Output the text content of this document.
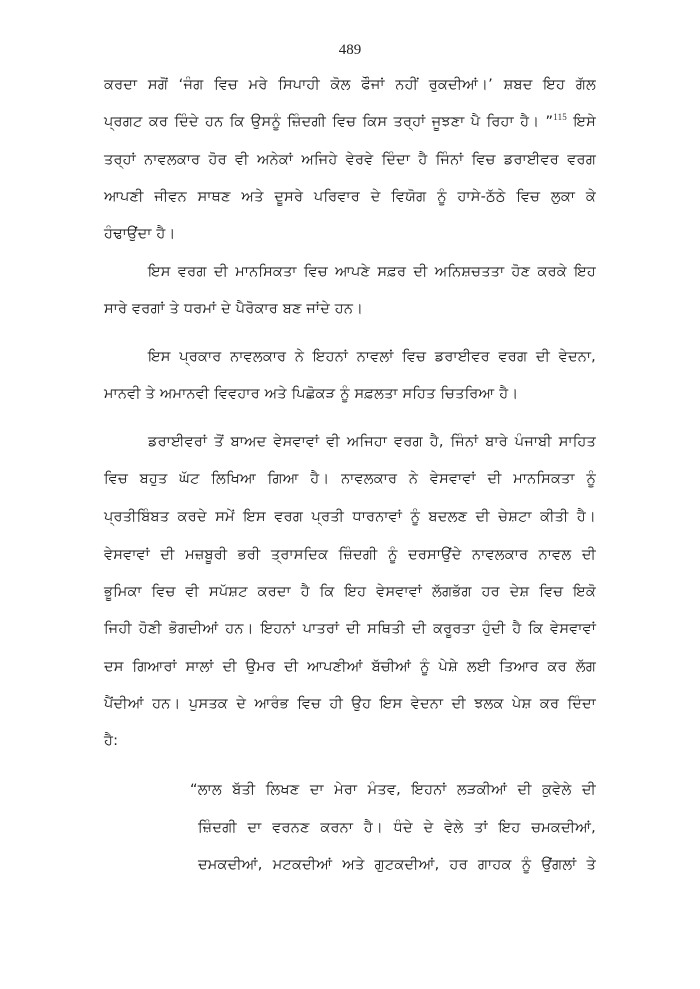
489
ਕਰਦਾ ਸਗੋਂ ‘ਜੰਗ ਵਿਚ ਮਰੇ ਸਿਪਾਹੀ ਕੋਲ ਫੌਜਾਂ ਨਹੀਂ ਰੁਕਦੀਆਂ।’ ਸ਼ਬਦ ਇਹ ਗੱਲ
ਪ੍ਰਗਟ ਕਰ ਦਿੰਦੇ ਹਨ ਕਿ ਉਸਨੂੰ ਜ਼ਿੰਦਗੀ ਵਿਚ ਕਿਸ ਤਰ੍ਹਾਂ ਜੂਝਣਾ ਪੈ ਰਿਹਾ ਹੈ। ”$^{115}$ ਇਸੇ
ਤਰ੍ਹਾਂ ਨਾਵਲਕਾਰ ਹੋਰ ਵੀ ਅਨੇਕਾਂ ਅਜਿਹੇ ਵੇਰਵੇ ਦਿੰਦਾ ਹੈ ਜਿੰਨਾਂ ਵਿਚ ਡਰਾਈਵਰ ਵਰਗ
ਆਪਣੀ ਜੀਵਨ ਸਾਥਣ ਅਤੇ ਦੂਸਰੇ ਪਰਿਵਾਰ ਦੇ ਵਿਯੋਗ ਨੂੰ ਹਾਸੇ-ਠੱਠੇ ਵਿਚ ਲੁਕਾ ਕੇ
ਹੰਢਾਉਂਦਾ ਹੈ।
ਇਸ ਵਰਗ ਦੀ ਮਾਨਸਿਕਤਾ ਵਿਚ ਆਪਣੇ ਸਫ਼ਰ ਦੀ ਅਨਿਸ਼ਚਤਤਾ ਹੋਣ ਕਰਕੇ ਇਹ
ਸਾਰੇ ਵਰਗਾਂ ਤੇ ਧਰਮਾਂ ਦੇ ਪੈਰੋਕਾਰ ਬਣ ਜਾਂਦੇ ਹਨ।
ਇਸ ਪ੍ਰਕਾਰ ਨਾਵਲਕਾਰ ਨੇ ਇਹਨਾਂ ਨਾਵਲਾਂ ਵਿਚ ਡਰਾਈਵਰ ਵਰਗ ਦੀ ਵੇਦਨਾ,
ਮਾਨਵੀ ਤੇ ਅਮਾਨਵੀ ਵਿਵਹਾਰ ਅਤੇ ਪਿਛੋਕੜ ਨੂੰ ਸਫ਼ਲਤਾ ਸਹਿਤ ਚਿਤਰਿਆ ਹੈ।
ਡਰਾਈਵਰਾਂ ਤੋਂ ਬਾਅਦ ਵੇਸਵਾਵਾਂ ਵੀ ਅਜਿਹਾ ਵਰਗ ਹੈ, ਜਿੰਨਾਂ ਬਾਰੇ ਪੰਜਾਬੀ ਸਾਹਿਤ
ਵਿਚ ਬਹੁਤ ਘੱਟ ਲਿਖਿਆ ਗਿਆ ਹੈ। ਨਾਵਲਕਾਰ ਨੇ ਵੇਸਵਾਵਾਂ ਦੀ ਮਾਨਸਿਕਤਾ ਨੂੰ
ਪ੍ਰਤੀਬਿੰਬਤ ਕਰਦੇ ਸਮੇਂ ਇਸ ਵਰਗ ਪ੍ਰਤੀ ਧਾਰਨਾਵਾਂ ਨੂੰ ਬਦਲਣ ਦੀ ਚੇਸ਼ਟਾ ਕੀਤੀ ਹੈ।
ਵੇਸਵਾਵਾਂ ਦੀ ਮਜ਼ਬੂਰੀ ਭਰੀ ਤ੍ਰਾਸਦਿਕ ਜ਼ਿੰਦਗੀ ਨੂੰ ਦਰਸਾਉਂਦੇ ਨਾਵਲਕਾਰ ਨਾਵਲ ਦੀ
ਭੂਮਿਕਾ ਵਿਚ ਵੀ ਸਪੱਸ਼ਟ ਕਰਦਾ ਹੈ ਕਿ ਇਹ ਵੇਸਵਾਵਾਂ ਲੱਗਭੱਗ ਹਰ ਦੇਸ਼ ਵਿਚ ਇਕੋ
ਜਿਹੀ ਹੋਣੀ ਭੋਗਦੀਆਂ ਹਨ। ਇਹਨਾਂ ਪਾਤਰਾਂ ਦੀ ਸਥਿਤੀ ਦੀ ਕਰੂਰਤਾ ਹੁੰਦੀ ਹੈ ਕਿ ਵੇਸਵਾਵਾਂ
ਦਸ ਗਿਆਰਾਂ ਸਾਲਾਂ ਦੀ ਉਮਰ ਦੀ ਆਪਣੀਆਂ ਬੱਚੀਆਂ ਨੂੰ ਪੇਸ਼ੇ ਲਈ ਤਿਆਰ ਕਰ ਲੱਗ
ਪੈਂਦੀਆਂ ਹਨ। ਪੁਸਤਕ ਦੇ ਆਰੰਭ ਵਿਚ ਹੀ ਉਹ ਇਸ ਵੇਦਨਾ ਦੀ ਝਲਕ ਪੇਸ਼ ਕਰ ਦਿੰਦਾ
ਹੈ:
“ਲਾਲ ਬੱਤੀ ਲਿਖਣ ਦਾ ਮੇਰਾ ਮੰਤਵ, ਇਹਨਾਂ ਲੜਕੀਆਂ ਦੀ ਕੁਵੇਲੇ ਦੀ
ਜ਼ਿੰਦਗੀ ਦਾ ਵਰਨਣ ਕਰਨਾ ਹੈ। ਧੰਦੇ ਦੇ ਵੇਲੇ ਤਾਂ ਇਹ ਚਮਕਦੀਆਂ,
ਦਮਕਦੀਆਂ, ਮਟਕਦੀਆਂ ਅਤੇ ਗੁਟਕਦੀਆਂ, ਹਰ ਗਾਹਕ ਨੂੰ ਉਂਗਲਾਂ ਤੇ
